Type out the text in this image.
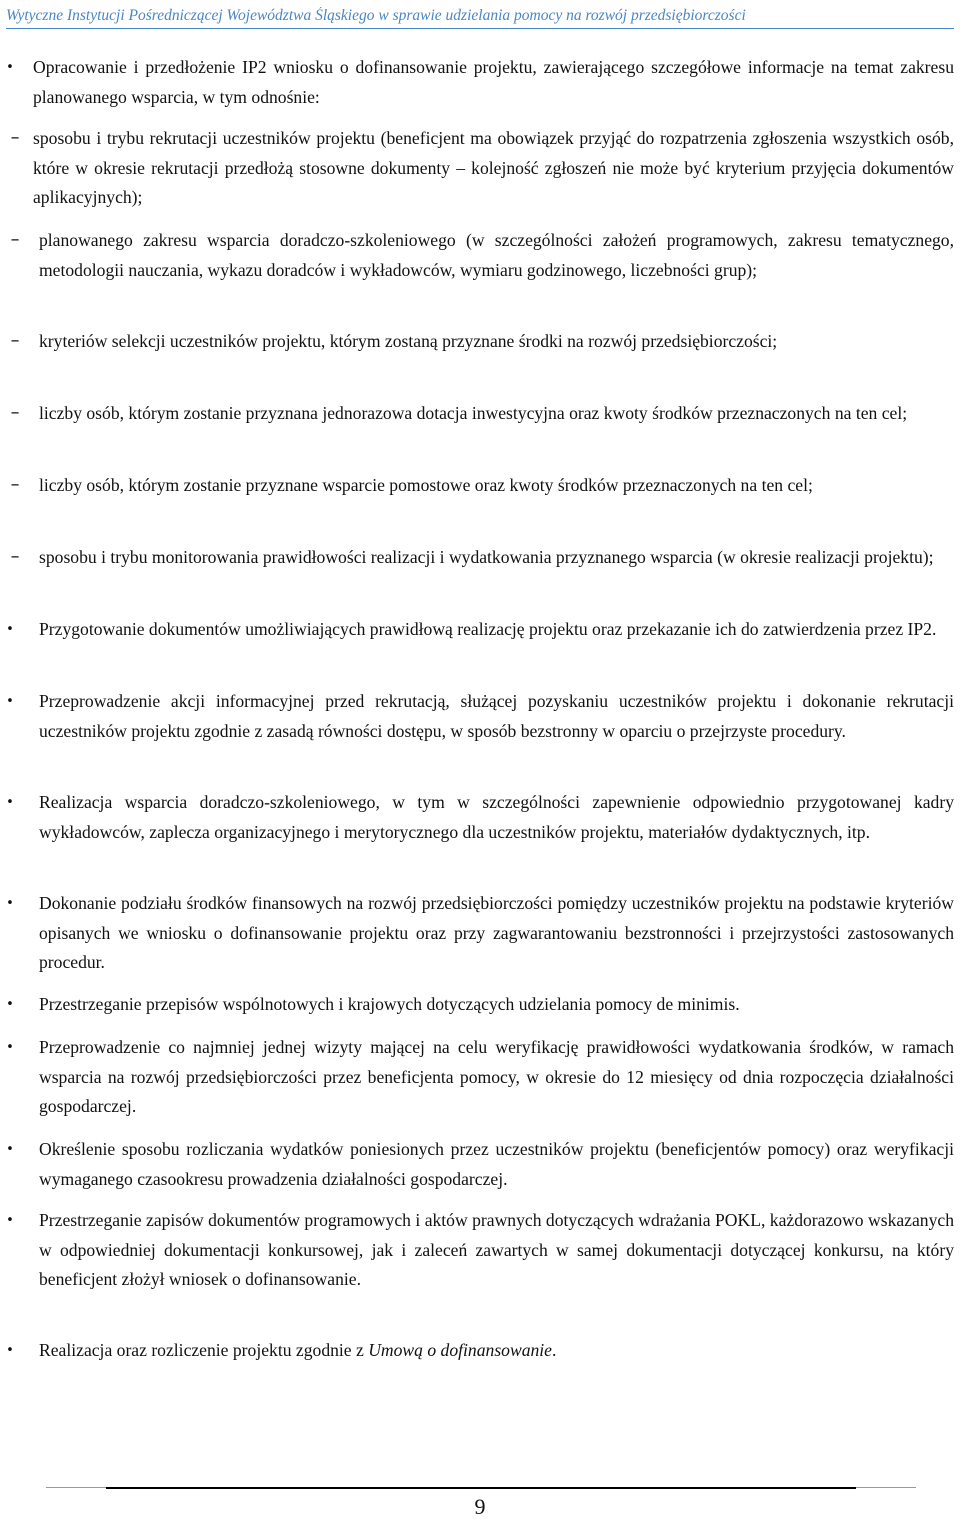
Wytyczne Instytucji Pośredniczącej Województwa Śląskiego w sprawie udzielania pomocy na rozwój przedsiębiorczości
•	Opracowanie i przedłożenie IP2 wniosku o dofinansowanie projektu, zawierającego szczegółowe informacje na temat zakresu planowanego wsparcia, w tym odnośnie:
– sposobu i trybu rekrutacji uczestników projektu (beneficjent ma obowiązek przyjąć do rozpatrzenia zgłoszenia wszystkich osób, które w okresie rekrutacji przedłożą stosowne dokumenty – kolejność zgłoszeń nie może być kryterium przyjęcia dokumentów aplikacyjnych);
–	planowanego zakresu wsparcia doradczo-szkoleniowego (w szczególności założeń programowych, zakresu tematycznego, metodologii nauczania, wykazu doradców i wykładowców, wymiaru godzinowego, liczebności grup);
–	kryteriów selekcji uczestników projektu, którym zostaną przyznane środki na rozwój przedsiębiorczości;
–	liczby osób, którym zostanie przyznana jednorazowa dotacja inwestycyjna oraz kwoty środków przeznaczonych na ten cel;
–	liczby osób, którym zostanie przyznane wsparcie pomostowe oraz kwoty środków przeznaczonych na ten cel;
–	sposobu i trybu monitorowania prawidłowości realizacji i wydatkowania przyznanego wsparcia (w okresie realizacji projektu);
•	Przygotowanie dokumentów umożliwiających prawidłową realizację projektu oraz przekazanie ich do zatwierdzenia przez IP2.
•	Przeprowadzenie akcji informacyjnej przed rekrutacją, służącej pozyskaniu uczestników projektu i dokonanie rekrutacji uczestników projektu zgodnie z zasadą równości dostępu, w sposób bezstronny w oparciu o przejrzyste procedury.
•	Realizacja wsparcia doradczo-szkoleniowego, w tym w szczególności zapewnienie odpowiednio przygotowanej kadry wykładowców, zaplecza organizacyjnego i merytorycznego dla uczestników projektu, materiałów dydaktycznych, itp.
•	Dokonanie podziału środków finansowych na rozwój przedsiębiorczości pomiędzy uczestników projektu na podstawie kryteriów opisanych we wniosku o dofinansowanie projektu oraz przy zagwarantowaniu bezstronności i przejrzystości zastosowanych procedur.
•	Przestrzeganie przepisów wspólnotowych i krajowych dotyczących udzielania pomocy de minimis.
•	Przeprowadzenie co najmniej jednej wizyty mającej na celu weryfikację prawidłowości wydatkowania środków, w ramach wsparcia na rozwój przedsiębiorczości przez beneficjenta pomocy, w okresie do 12 miesięcy od dnia rozpoczęcia działalności gospodarczej.
•	Określenie sposobu rozliczania wydatków poniesionych przez uczestników projektu (beneficjentów pomocy) oraz weryfikacji wymaganego czasookresu prowadzenia działalności gospodarczej.
•	Przestrzeganie zapisów dokumentów programowych i aktów prawnych dotyczących wdrażania POKL, każdorazowo wskazanych w odpowiedniej dokumentacji konkursowej, jak i zaleceń zawartych w samej dokumentacji dotyczącej konkursu, na który beneficjent złożył wniosek o dofinansowanie.
•	Realizacja oraz rozliczenie projektu zgodnie z Umową o dofinansowanie.
9
